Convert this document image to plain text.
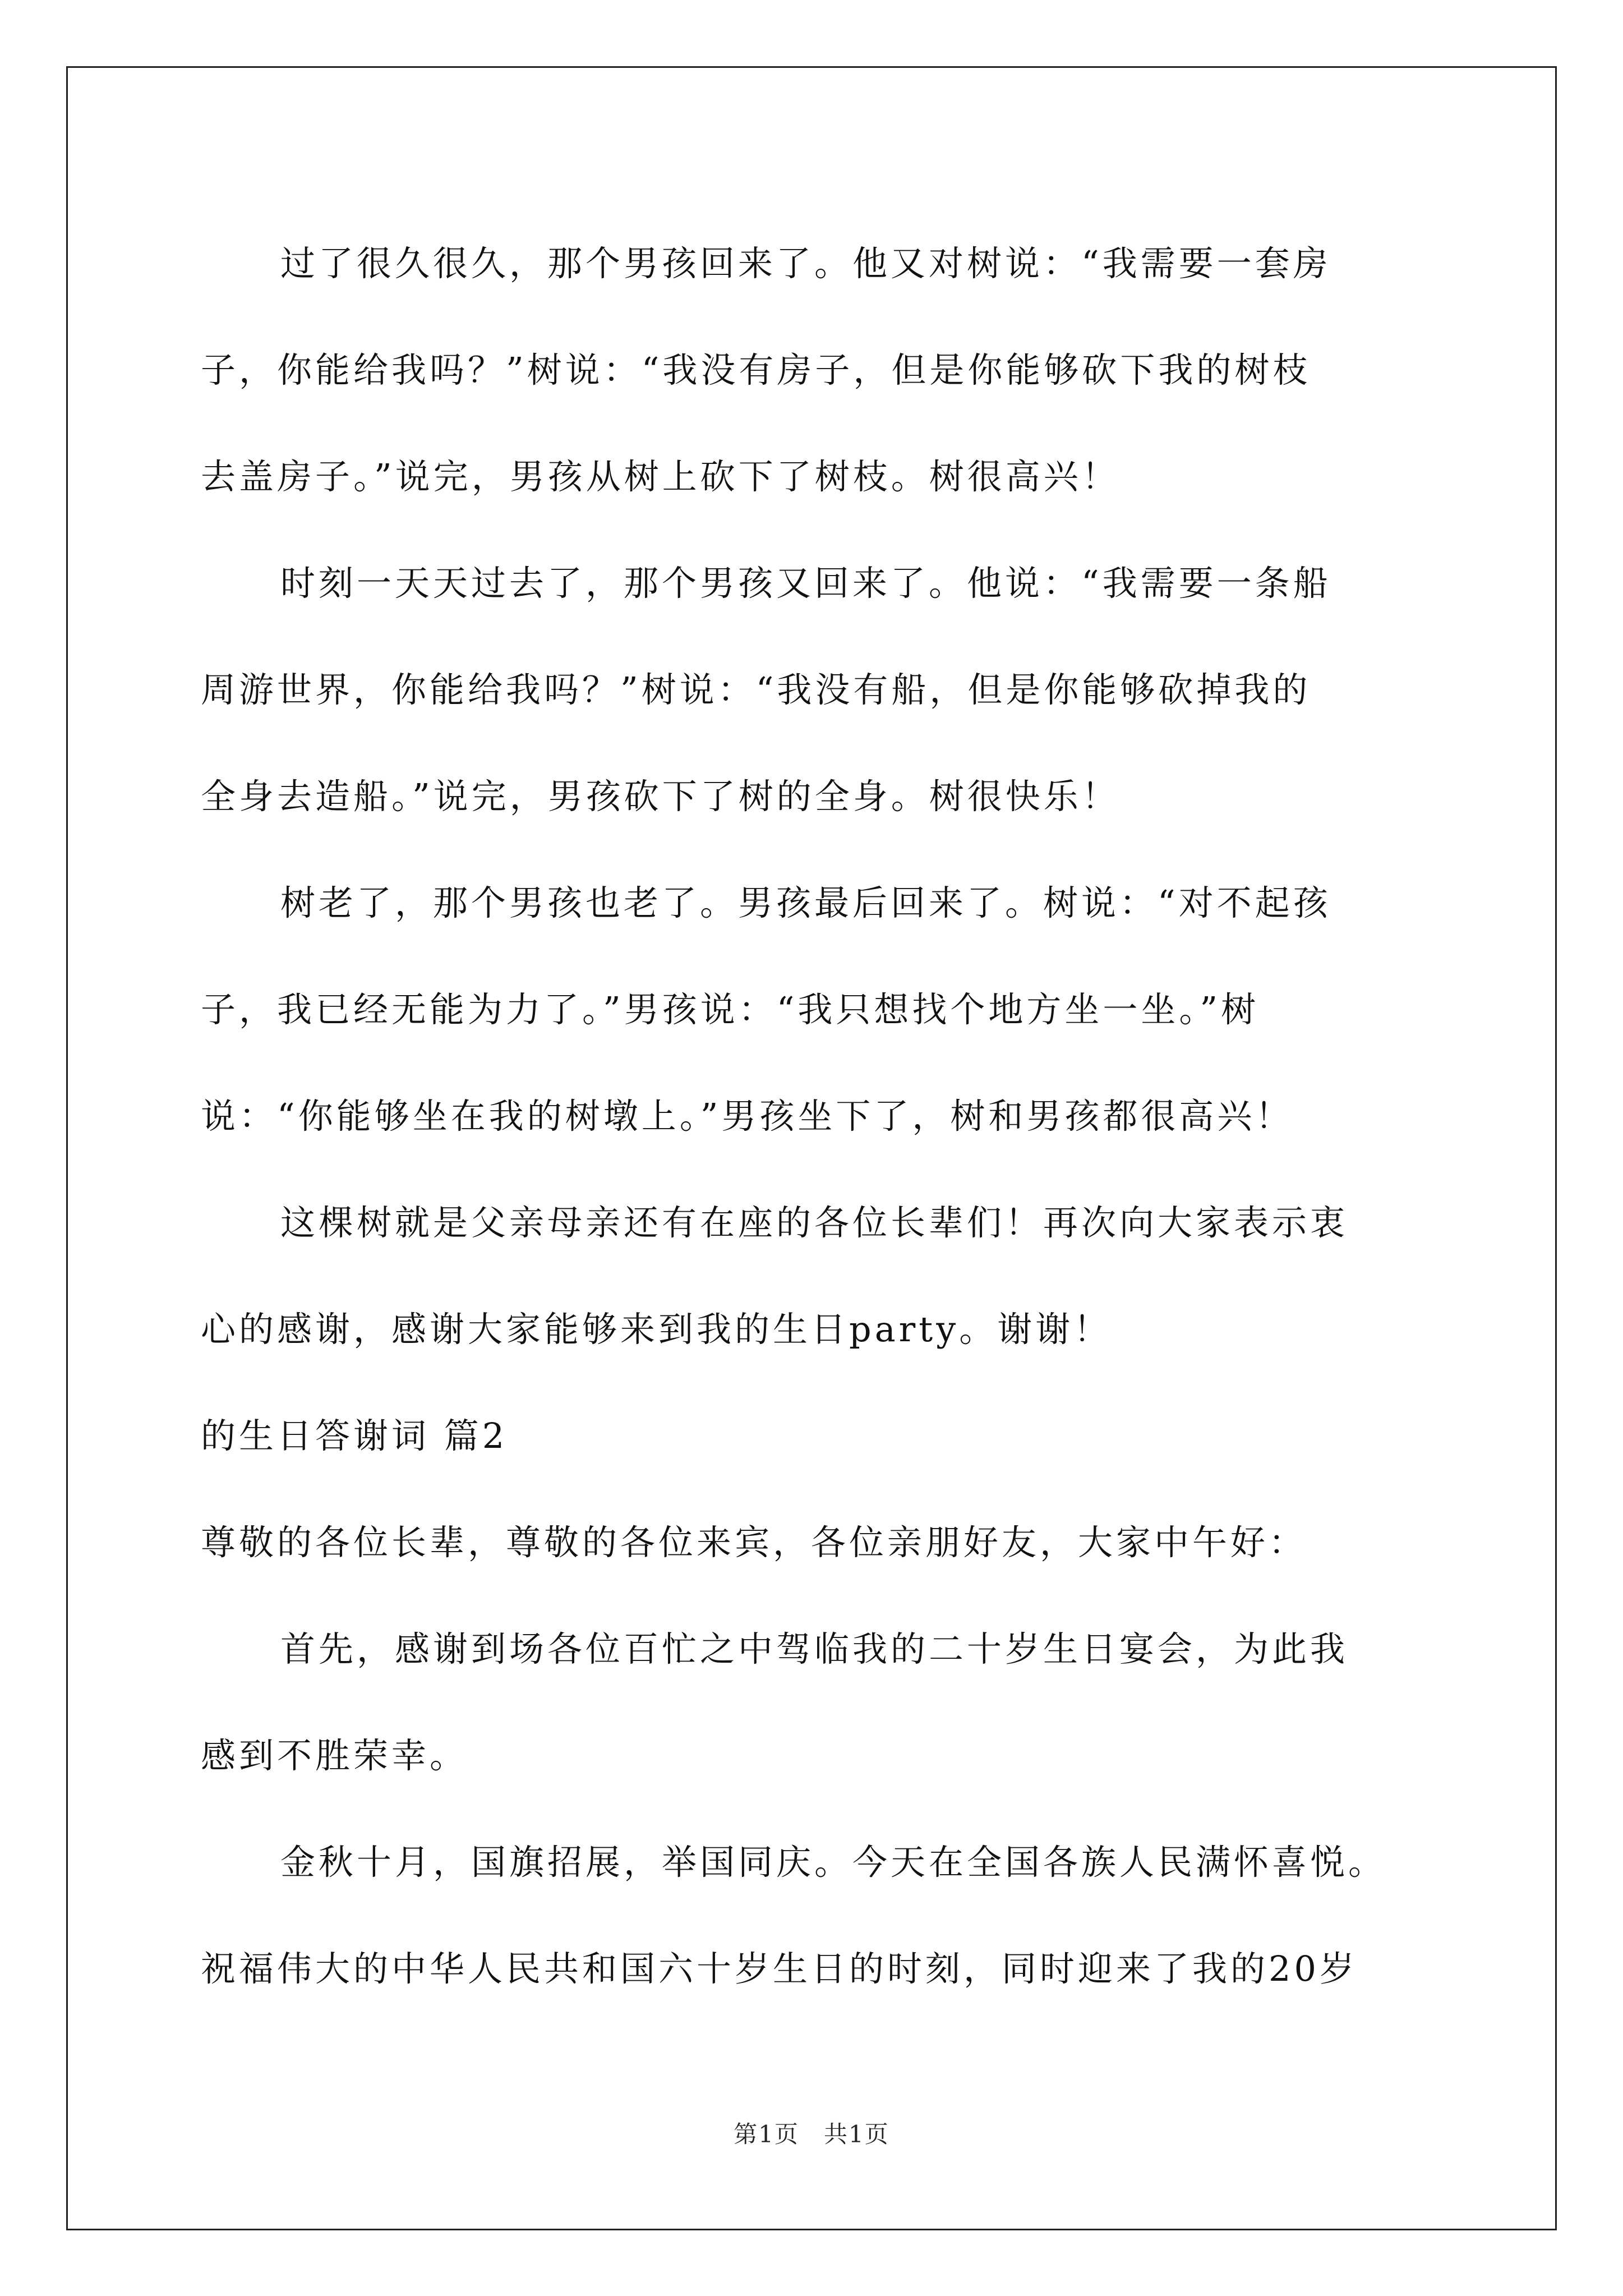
过了很久很久，那个男孩回来了。他又对树说：“我需要一套房

子，你能给我吗？”树说：“我没有房子，但是你能够砍下我的树枝

去盖房子。”说完，男孩从树上砍下了树枝。树很高兴！

时刻一天天过去了，那个男孩又回来了。他说：“我需要一条船

周游世界，你能给我吗？”树说：“我没有船，但是你能够砍掉我的

全身去造船。”说完，男孩砍下了树的全身。树很快乐！

树老了，那个男孩也老了。男孩最后回来了。树说：“对不起孩

子，我已经无能为力了。”男孩说：“我只想找个地方坐一坐。”树

说：“你能够坐在我的树墩上。”男孩坐下了，树和男孩都很高兴！

这棵树就是父亲母亲还有在座的各位长辈们！再次向大家表示衷

心的感谢，感谢大家能够来到我的生日party。谢谢！

的生日答谢词 篇2

尊敬的各位长辈，尊敬的各位来宾，各位亲朋好友，大家中午好：

首先，感谢到场各位百忙之中驾临我的二十岁生日宴会，为此我

感到不胜荣幸。

金秋十月，国旗招展，举国同庆。今天在全国各族人民满怀喜悦。

祝福伟大的中华人民共和国六十岁生日的时刻，同时迎来了我的20岁

第1页　共1页
